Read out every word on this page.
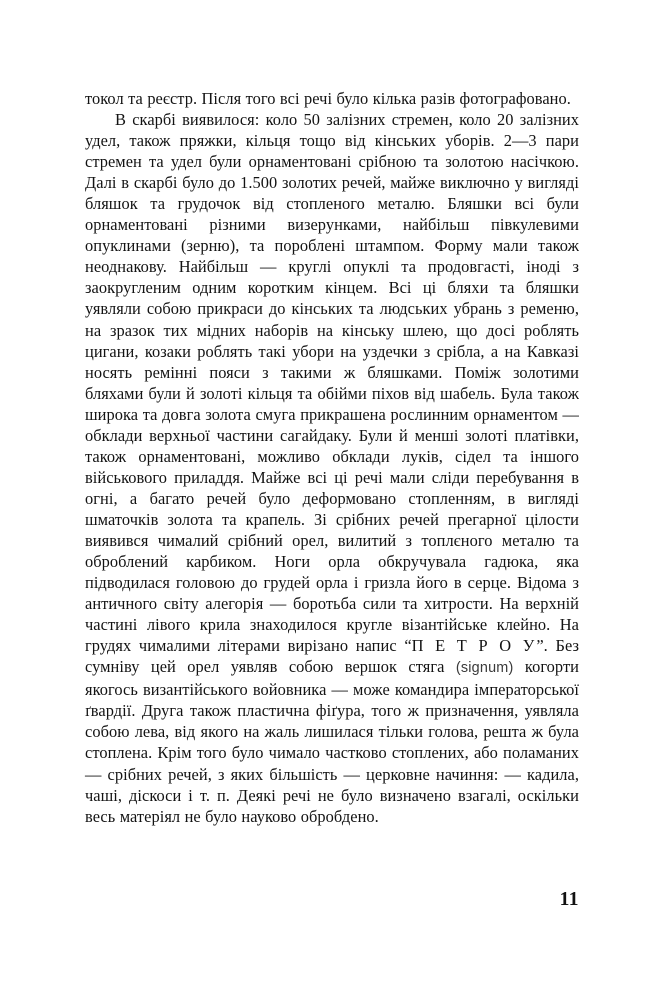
токол та реєстр. Після того всі речі було кілька разів фотографовано.

В скарбі виявилося: коло 50 залізних стремен, коло 20 залізних удел, також пряжки, кільця тощо від кінських уборів. 2—3 пари стремен та удел були орнаментовані срібною та золотою насічкою. Далі в скарбі було до 1.500 золотих речей, майже виключно у вигляді бляшок та грудочок від стопленого металю. Бляшки всі були орнаментовані різними визерунками, найбільш півкулевими опуклинами (зерню), та пороблені штампом. Форму мали також неоднакову. Найбільш — круглі опуклі та продовгасті, іноді з заокругленим одним коротким кінцем. Всі ці бляхи та бляшки уявляли собою прикраси до кінських та людських убрань з ременю, на зразок тих мідних наборів на кінську шлею, що досі роблять цигани, козаки роблять такі убори на уздечки з срібла, а на Кавказі носять ремінні пояси з такими ж бляшками. Поміж золотими бляхами були й золоті кільця та обійми піхов від шабель. Була також широка та довга золота смуга прикрашена рослинним орнаментом — обклади верхньої частини сагайдаку. Були й менші золоті платівки, також орнаментовані, можливо обклади луків, сідел та іншого військового приладдя. Майже всі ці речі мали сліди перебування в огні, а багато речей було деформовано стопленням, в вигляді шматочків золота та крапель. Зі срібних речей прегарної цілости виявився чималий срібний орел, вилитий з топлєного металю та оброблений карбиком. Ноги орла обкручувала гадюка, яка підводилася головою до грудей орла і гризла його в серце. Відома з античного світу алегорія — боротьба сили та хитрости. На верхній частині лівого крила знаходилося кругле візантійське клейно. На грудях чималими літерами вирізано напис “П Е Т Р О У”. Без сумніву цей орел уявляв собою вершок стяга (signum) когорти якогось византійського войовника — може командира імператорської ґвардії. Друга також пластична фіґура, того ж призначення, уявляла собою лева, від якого на жаль лишилася тільки голова, решта ж була стоплена. Крім того було чимало частково стоплених, або поламаних — срібних речей, з яких більшість — церковне начиння: — кадила, чаші, діскоси і т. п. Деякі речі не було визначено взагалі, оскільки весь матеріял не було науково обробдено.

11
